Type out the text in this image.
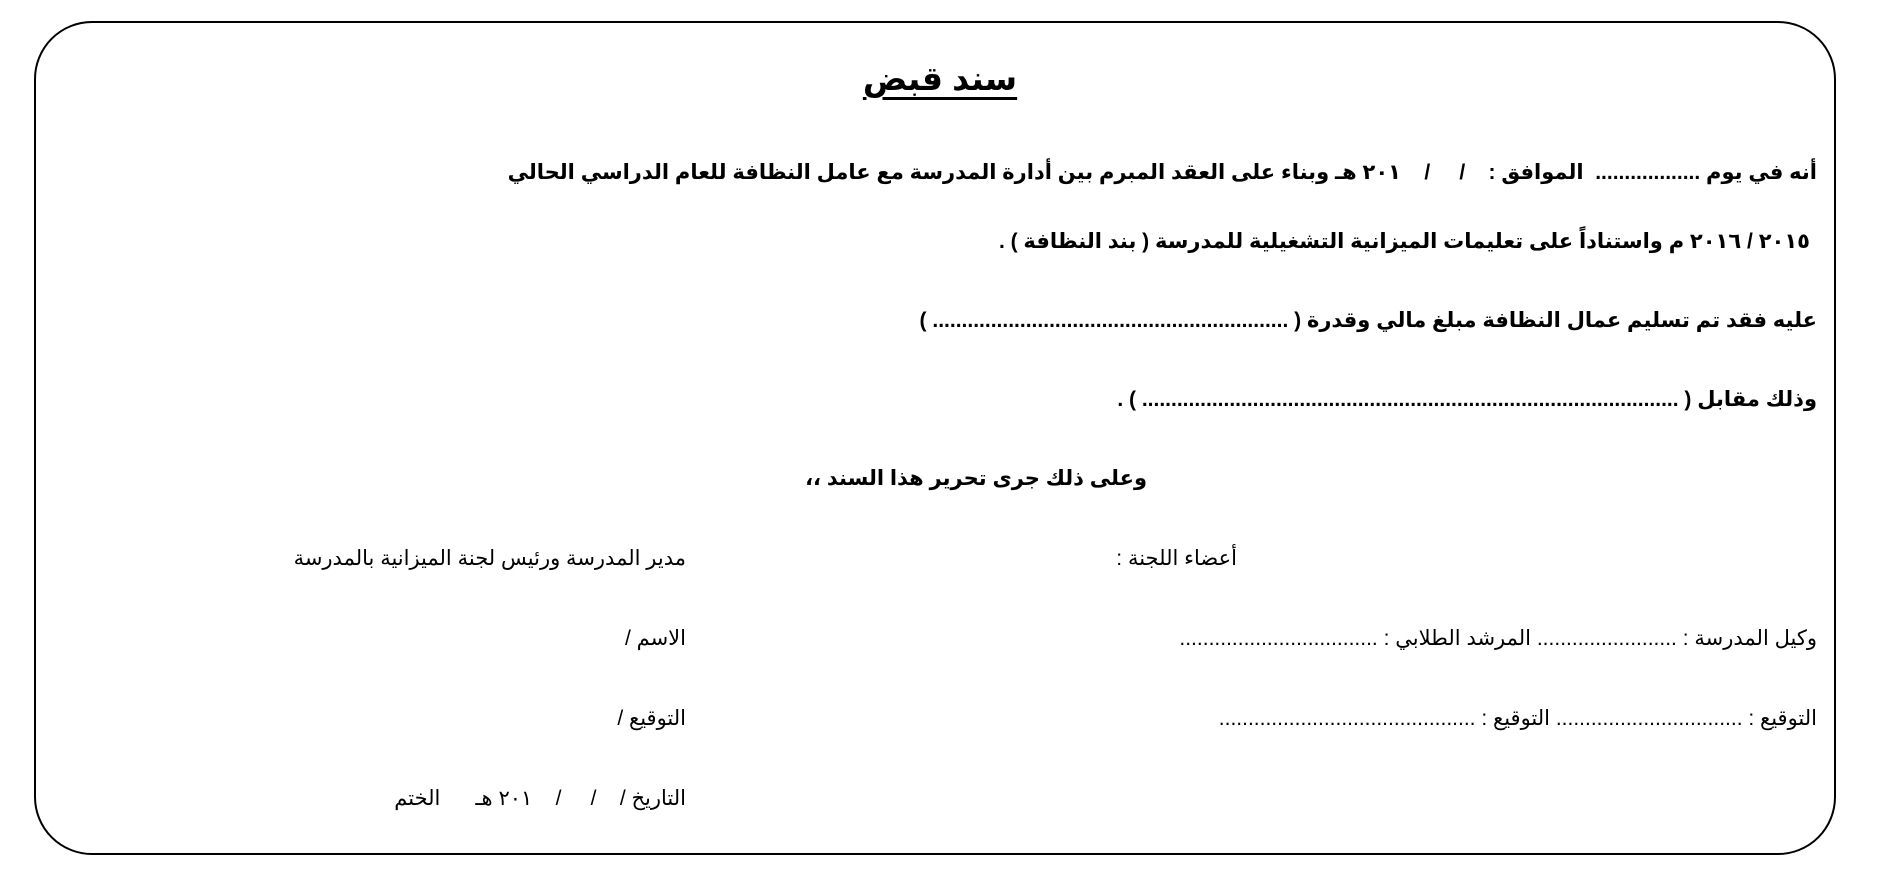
سند قبض
أنه في يوم ..................  الموافق :    /     /    ٢٠١ هـ وبناء على العقد المبرم بين أدارة المدرسة مع عامل النظافة للعام الدراسي الحالي
٢٠١٥ / ٢٠١٦ م واستناداً على تعليمات الميزانية التشغيلية للمدرسة ( بند النظافة ) .
عليه فقد تم تسليم عمال النظافة مبلغ مالي وقدرة ( ............................................................. )
وذلك مقابل ( ............................................................................................ ) .
وعلى ذلك جرى تحرير هذا السند ،،
أعضاء اللجنة :
مدير المدرسة ورئيس لجنة الميزانية بالمدرسة
وكيل المدرسة : ........................ المرشد الطلابي : ..................................
الاسم /
التوقيع : ................................ التوقيع : ............................................
التوقيع /
التاريخ /    /     /    ٢٠١ هـ      الختم
